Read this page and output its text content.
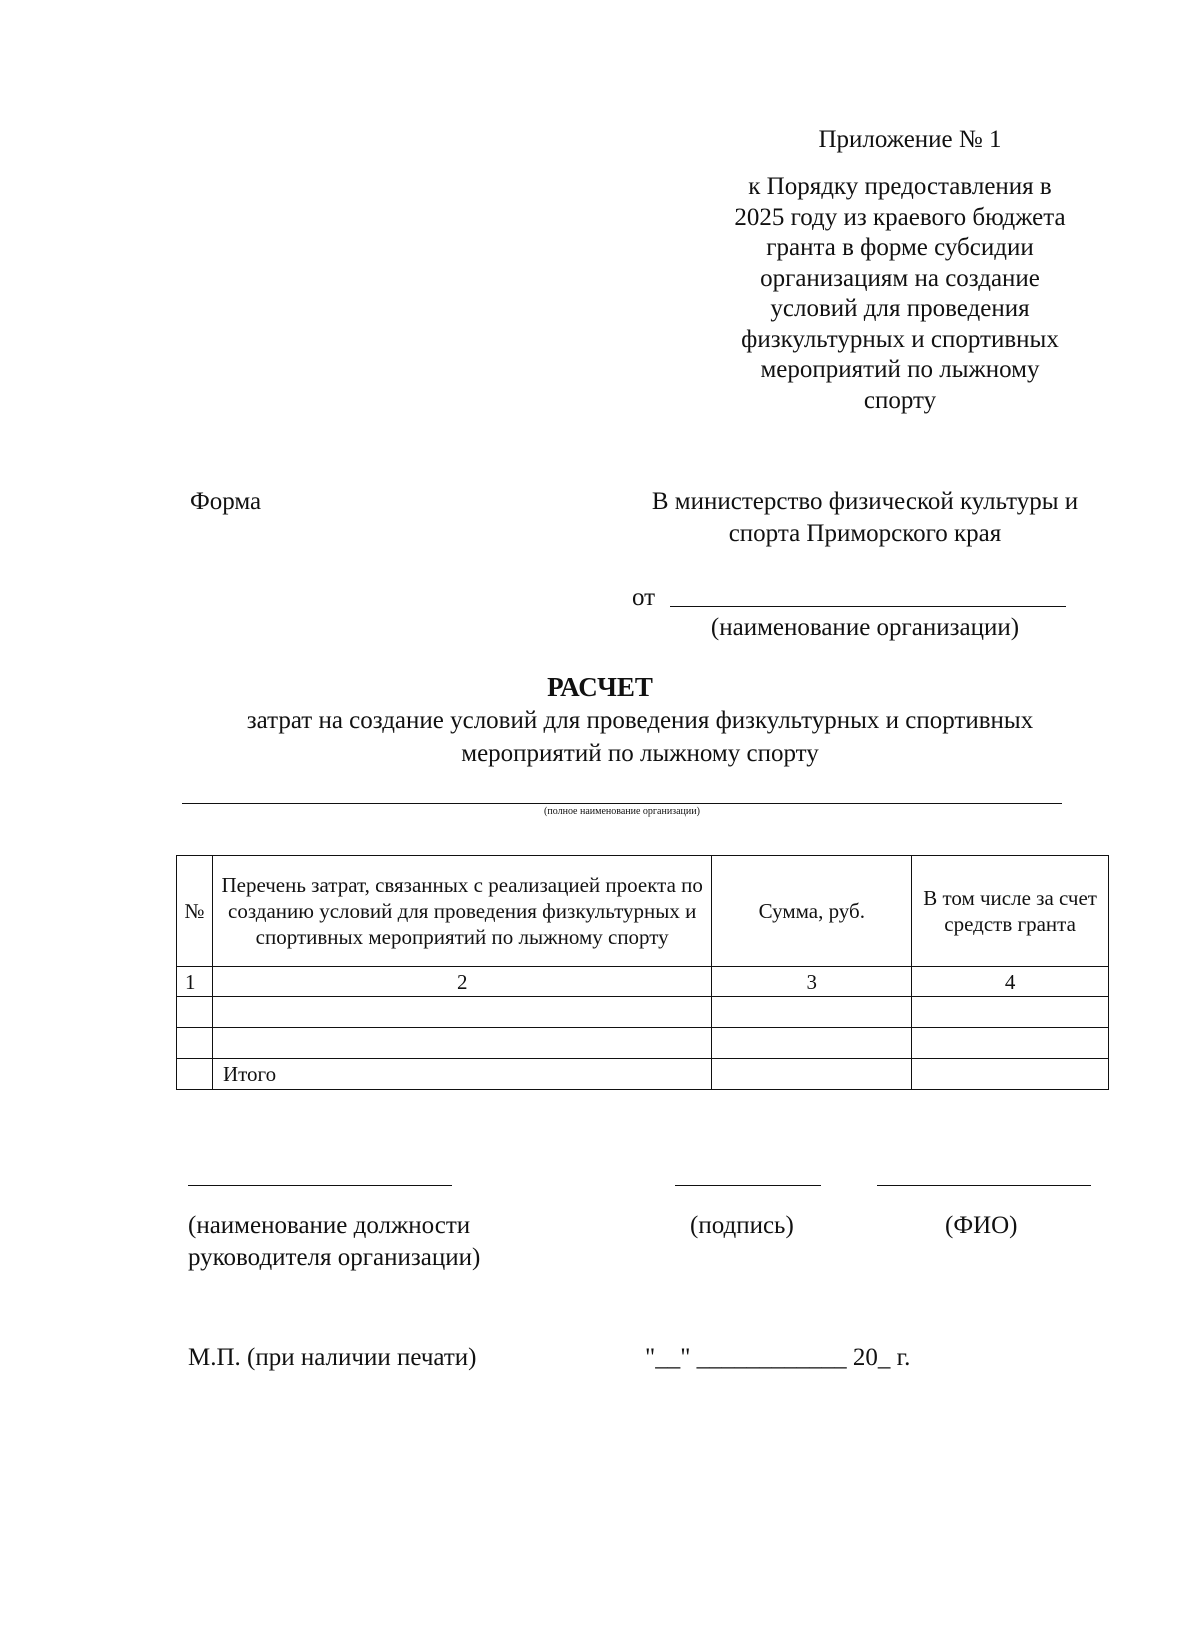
Приложение № 1
к Порядку предоставления в
2025 году из краевого бюджета
гранта в форме субсидии
организациям на создание
условий для проведения
физкультурных и спортивных
мероприятий по лыжному
спорту
Форма	В министерство физической культуры и
спорта Приморского края
от
(наименование организации)
РАСЧЕТ
затрат на создание условий для проведения физкультурных и спортивных
мероприятий по лыжному спорту
(полное наименование организации)
№	Перечень затрат, связанных с реализацией проекта по созданию условий для проведения физкультурных и спортивных мероприятий по лыжному спорту	Сумма, руб.	В том числе за счет средств гранта
1	2	3	4

	Итого		
(наименование должности
руководителя организации)
(подпись)	(ФИО)
М.П. (при наличии печати)	"__" ____________ 20_ г.
